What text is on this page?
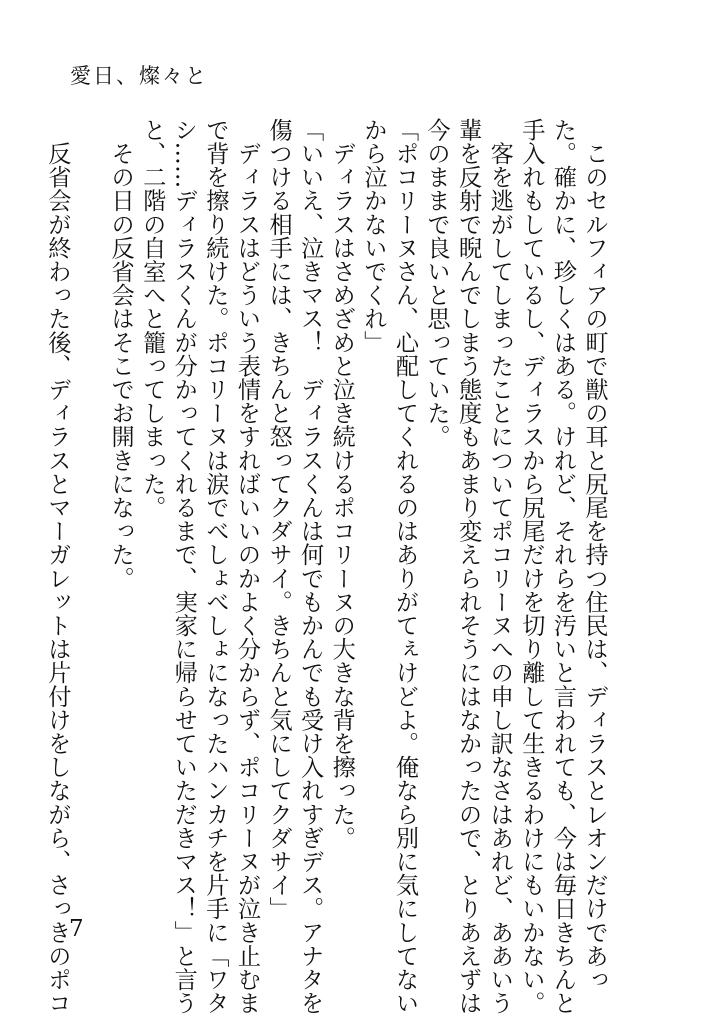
愛日、燦々と

　このセルフィアの町で獣の耳と尻尾を持つ住民は、ディラスとレオンだけであっ

た。確かに、珍しくはある。けれど、それらを汚いと言われても、今は毎日きちんと

手入れもしているし、ディラスから尻尾だけを切り離して生きるわけにもいかない。

　客を逃がしてしまったことについてポコリーヌへの申し訳なさはあれど、ああいう

輩を反射で睨んでしまう態度もあまり変えられそうにはなかったので、とりあえずは

今のままで良いと思っていた。

「ポコリーヌさん、心配してくれるのはありがてぇけどよ。俺なら別に気にしてない

から泣かないでくれ」

　ディラスはさめざめと泣き続けるポコリーヌの大きな背を擦った。

「いいえ、泣きマス！　ディラスくんは何でもかんでも受け入れすぎデス。アナタを

傷つける相手には、きちんと怒ってクダサイ。きちんと気にしてクダサイ」

　ディラスはどういう表情をすればいいのかよく分からず、ポコリーヌが泣き止むま

で背を擦り続けた。ポコリーヌは涙でべしょべしょになったハンカチを片手に「ワタ

シ……ディラスくんが分かってくれるまで、実家に帰らせていただきマス！」と言う

と、二階の自室へと籠ってしまった。

　その日の反省会はそこでお開きになった。

　反省会が終わった後、ディラスとマーガレットは片付けをしながら、さっきのポコ

7
